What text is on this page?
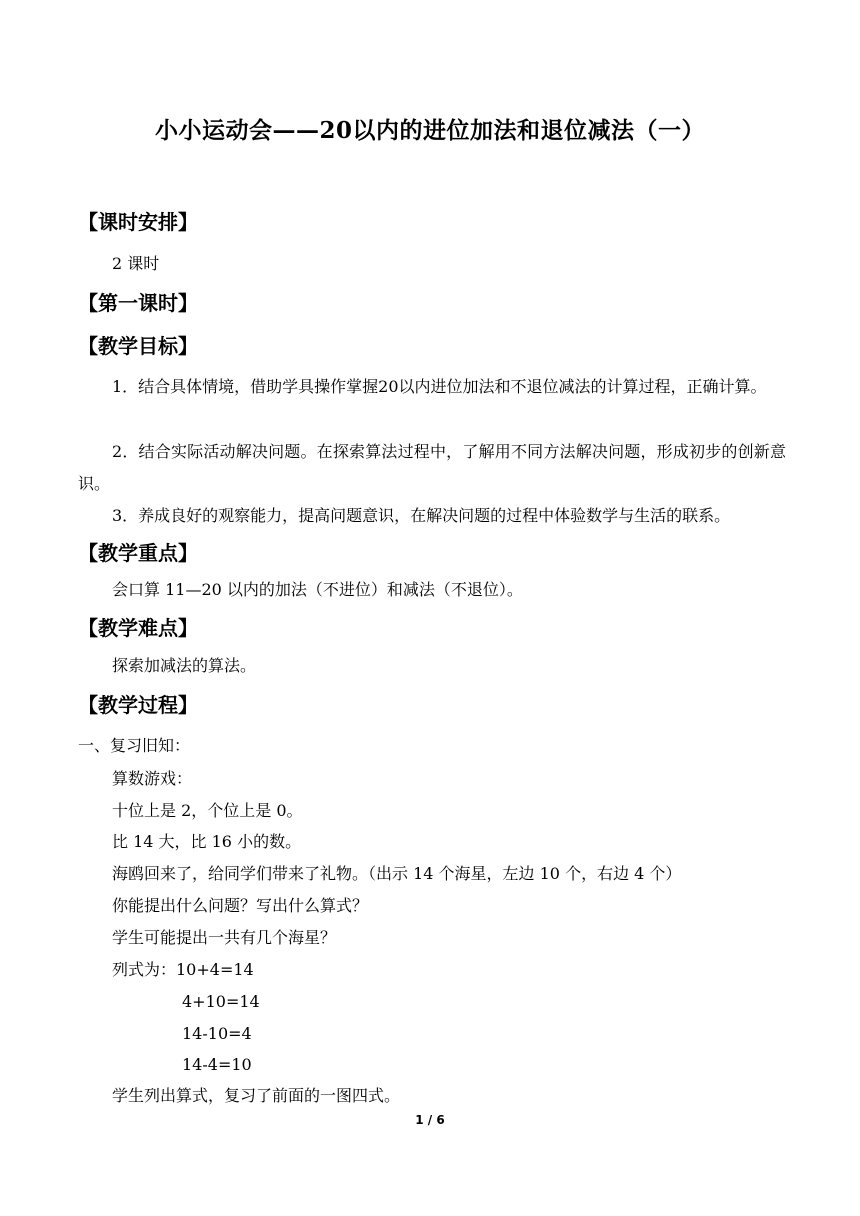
小小运动会——20以内的进位加法和退位减法（一）
【课时安排】
2 课时
【第一课时】
【教学目标】
1．结合具体情境，借助学具操作掌握20以内进位加法和不退位减法的计算过程，正确计算。
2．结合实际活动解决问题。在探索算法过程中，了解用不同方法解决问题，形成初步的创新意识。
3．养成良好的观察能力，提高问题意识，在解决问题的过程中体验数学与生活的联系。
【教学重点】
会口算 11—20 以内的加法（不进位）和减法（不退位）。
【教学难点】
探索加减法的算法。
【教学过程】
一、复习旧知：
算数游戏：
十位上是 2，个位上是 0。
比 14 大，比 16 小的数。
海鸥回来了，给同学们带来了礼物。（出示 14 个海星，左边 10 个，右边 4 个）
你能提出什么问题？写出什么算式？
学生可能提出一共有几个海星？
列式为：10+4=14
4+10=14
14-10=4
14-4=10
学生列出算式，复习了前面的一图四式。
1 / 6
